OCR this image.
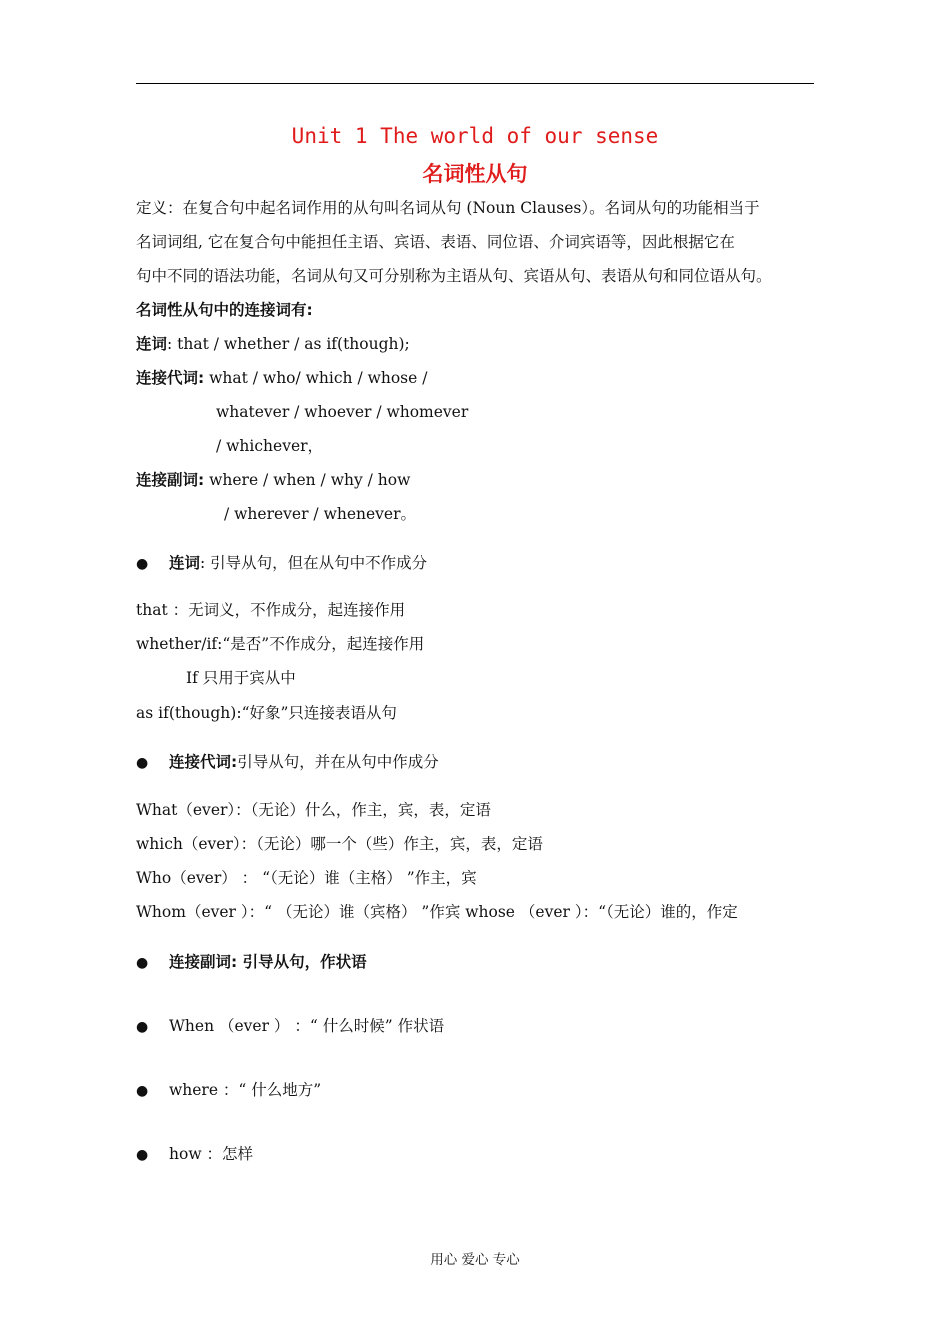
Unit 1 The world of our sense
名词性从句
定义：在复合句中起名词作用的从句叫名词从句 (Noun Clauses）。名词从句的功能相当于
名词词组, 它在复合句中能担任主语、宾语、表语、同位语、介词宾语等，因此根据它在
句中不同的语法功能，名词从句又可分别称为主语从句、宾语从句、表语从句和同位语从句。
名词性从句中的连接词有:
连词: that / whether / as if(though);
连接代词: what / who/ which / whose /
whatever / whoever / whomever
/ whichever，
连接副词: where / when / why / how
/ wherever / whenever。
● 连词: 引导从句，但在从句中不作成分
that ：无词义，不作成分，起连接作用
whether/if:“是否”不作成分，起连接作用
If 只用于宾从中
as if(though):“好象”只连接表语从句
● 连接代词:引导从句，并在从句中作成分
What（ever）：（无论）什么，作主，宾，表，定语
which（ever）：（无论）哪一个（些）作主，宾，表，定语
Who（ever） ： “（无论）谁（主格） ”作主，宾
Whom（ever ）：“ （无论）谁（宾格） ”作宾 whose （ever ）：“（无论）谁的，作定
● 连接副词: 引导从句，作状语
● When （ever ） ：“ 什么时候” 作状语
● where ：“ 什么地方”
● how ：怎样
用心 爱心 专心
